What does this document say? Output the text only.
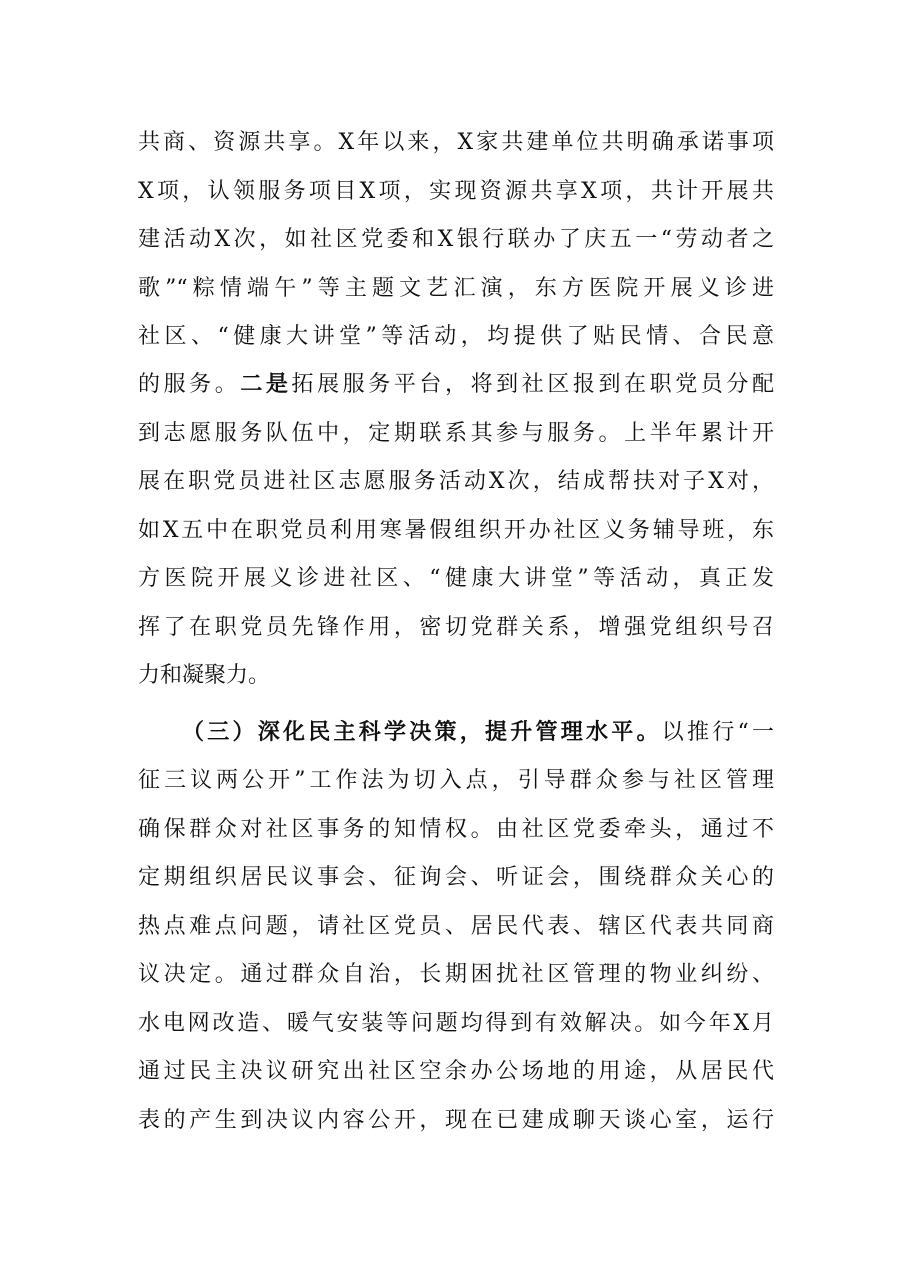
共商、资源共享。X年以来，X家共建单位共明确承诺事项
X项，认领服务项目X项，实现资源共享X项，共计开展共
建活动X次，如社区党委和X银行联办了庆五一“劳动者之
歌”“粽情端午”等主题文艺汇演，东方医院开展义诊进
社区、“健康大讲堂”等活动，均提供了贴民情、合民意
的服务。二是拓展服务平台，将到社区报到在职党员分配
到志愿服务队伍中，定期联系其参与服务。上半年累计开
展在职党员进社区志愿服务活动X次，结成帮扶对子X对，
如X五中在职党员利用寒暑假组织开办社区义务辅导班，东
方医院开展义诊进社区、“健康大讲堂”等活动，真正发
挥了在职党员先锋作用，密切党群关系，增强党组织号召
力和凝聚力。
（三）深化民主科学决策，提升管理水平。以推行“一
征三议两公开”工作法为切入点，引导群众参与社区管理
确保群众对社区事务的知情权。由社区党委牵头，通过不
定期组织居民议事会、征询会、听证会，围绕群众关心的
热点难点问题，请社区党员、居民代表、辖区代表共同商
议决定。通过群众自治，长期困扰社区管理的物业纠纷、
水电网改造、暖气安装等问题均得到有效解决。如今年X月
通过民主决议研究出社区空余办公场地的用途，从居民代
表的产生到决议内容公开，现在已建成聊天谈心室，运行
